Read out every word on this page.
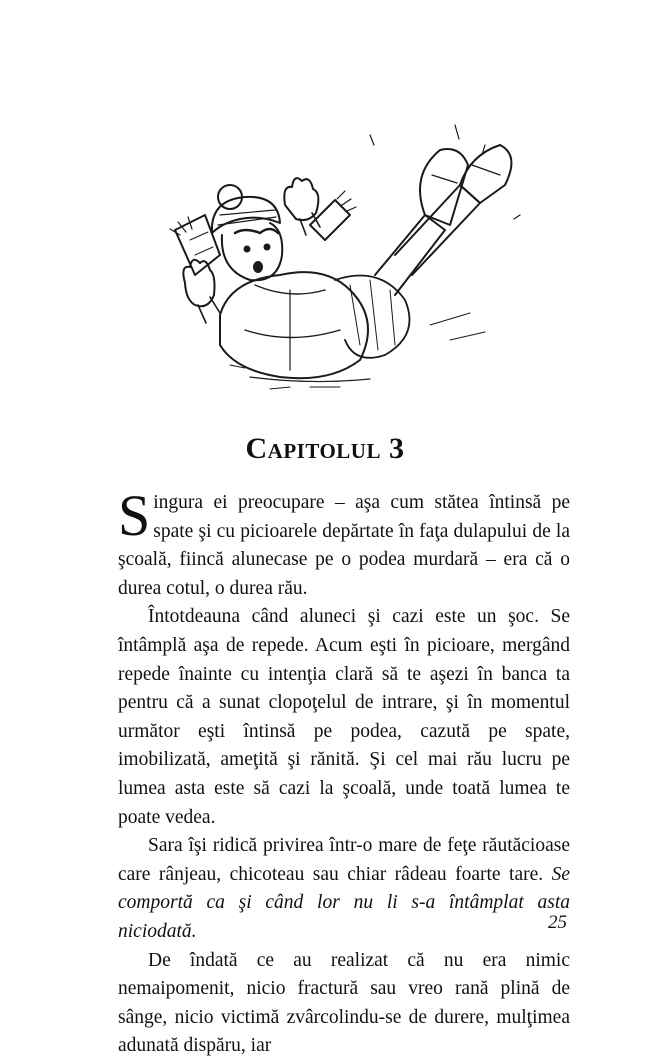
Capitolul 3

Singura ei preocupare – aşa cum stătea întinsă pe spate şi cu picioarele depărtate în faţa dulapului de la şcoală, fiincă alunecase pe o podea murdară – era că o durea cotul, o durea rău.

Întotdeauna când aluneci şi cazi este un şoc. Se întâmplă aşa de repede. Acum eşti în picioare, mergând repede înainte cu intenţia clară să te aşezi în banca ta pentru că a sunat clopoţelul de intrare, şi în momentul următor eşti întinsă pe podea, cazută pe spate, imobilizată, ameţită şi rănită. Şi cel mai rău lucru pe lumea asta este să cazi la şcoală, unde toată lumea te poate vedea.

Sara îşi ridică privirea într-o mare de feţe răutăcioase care rânjeau, chicoteau sau chiar râdeau foarte tare. Se comportă ca şi când lor nu li s-a întâmplat asta niciodată.

De îndată ce au realizat că nu era nimic nemaipomenit, nicio fractură sau vreo rană plină de sânge, nicio victimă zvârcolindu-se de durere, mulţimea adunată dispăru, iar

25
